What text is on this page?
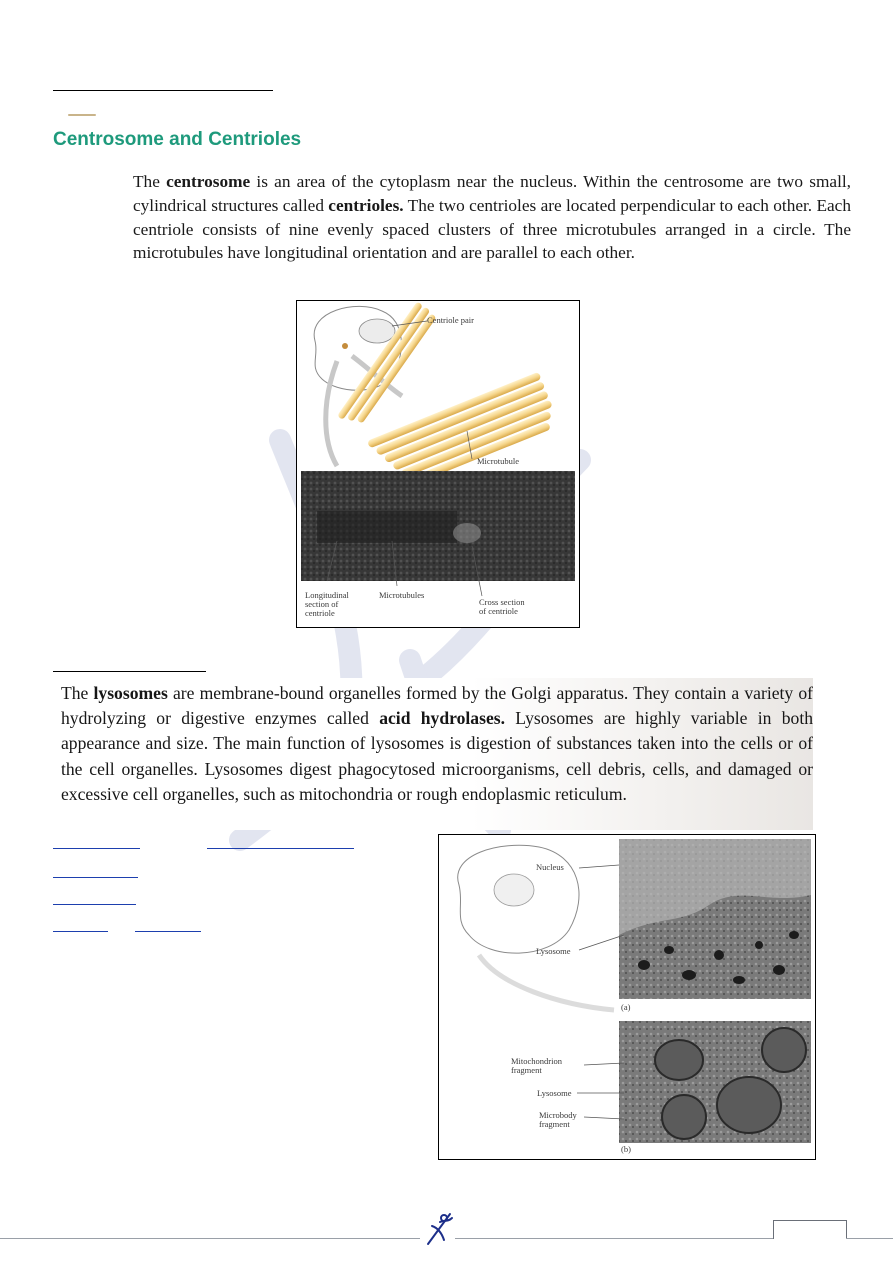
Centrosome and Centrioles
The centrosome is an area of the cytoplasm near the nucleus. Within the centrosome are two small, cylindrical structures called centrioles. The two centrioles are located perpendicular to each other. Each centriole consists of nine evenly spaced clusters of three microtubules arranged in a circle. The microtubules have longitudinal orientation and are parallel to each other.
Centriole pair
Microtubule
Longitudinal
section of
centriole
Microtubules
Cross section
of centriole
The lysosomes are membrane-bound organelles formed by the Golgi apparatus. They contain a variety of hydrolyzing or digestive enzymes called acid hydrolases. Lysosomes are highly variable in both appearance and size. The main function of lysosomes is digestion of substances taken into the cells or of the cell organelles. Lysosomes digest phagocytosed microorganisms, cell debris, cells, and damaged or excessive cell organelles, such as mitochondria or rough endoplasmic reticulum.
Nucleus
Lysosome
(a)
Mitochondrion
fragment
Lysosome
Microbody
fragment
(b)
